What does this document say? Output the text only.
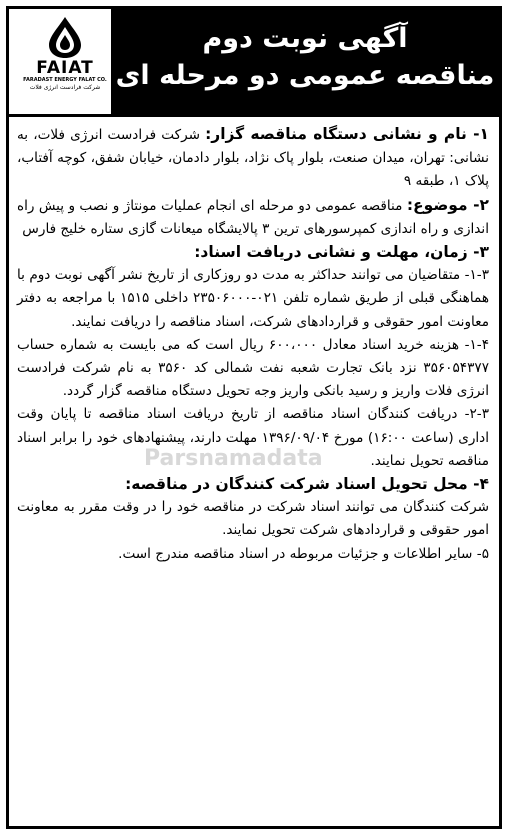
آگهی نوبت دوم
مناقصه عمومی دو مرحله ای
FAIAT
FARADAST ENERGY FALAT CO.
شرکت فرادست انرژی فلات

۱- نام و نشانی دستگاه مناقصه گزار: شرکت فرادست انرژی فلات، به نشانی: تهران، میدان صنعت، بلوار پاک نژاد، بلوار دادمان، خیابان شفق، کوچه آفتاب، پلاک ۱، طبقه ۹

۲- موضوع: مناقصه عمومی دو مرحله ای انجام عملیات مونتاژ و نصب و پیش راه اندازی و راه اندازی کمپرسورهای ترین ۳ پالایشگاه میعانات گازی ستاره خلیج فارس

۳- زمان، مهلت و نشانی دریافت اسناد:

۱-۳- متقاضیان می توانند حداکثر به مدت دو روزکاری از تاریخ نشر آگهی نوبت دوم با هماهنگی قبلی از طریق شماره تلفن ۰۲۱-۲۳۵۰۶۰۰۰ داخلی ۱۵۱۵ با مراجعه به دفتر معاونت امور حقوقی و قراردادهای شرکت، اسناد مناقصه را دریافت نمایند.

۱-۴- هزینه خرید اسناد معادل ۶۰۰،۰۰۰ ریال است که می بایست به شماره حساب ۳۵۶۰۵۴۳۷۷ نزد بانک تجارت شعبه نفت شمالی کد ۳۵۶۰ به نام شرکت فرادست انرژی فلات واریز و رسید بانکی واریز وجه تحویل دستگاه مناقصه گزار گردد.

۲-۳- دریافت کنندگان اسناد مناقصه از تاریخ دریافت اسناد مناقصه تا پایان وقت اداری (ساعت ۱۶:۰۰) مورخ ۱۳۹۶/۰۹/۰۴ مهلت دارند، پیشنهادهای خود را برابر اسناد مناقصه تحویل نمایند.

۴- محل تحویل اسناد شرکت کنندگان در مناقصه:

شرکت کنندگان می توانند اسناد شرکت در مناقصه خود را در وقت مقرر به معاونت امور حقوقی و قراردادهای شرکت تحویل نمایند.

۵- سایر اطلاعات و جزئیات مربوطه در اسناد مناقصه مندرج است.

Parsnamadata
